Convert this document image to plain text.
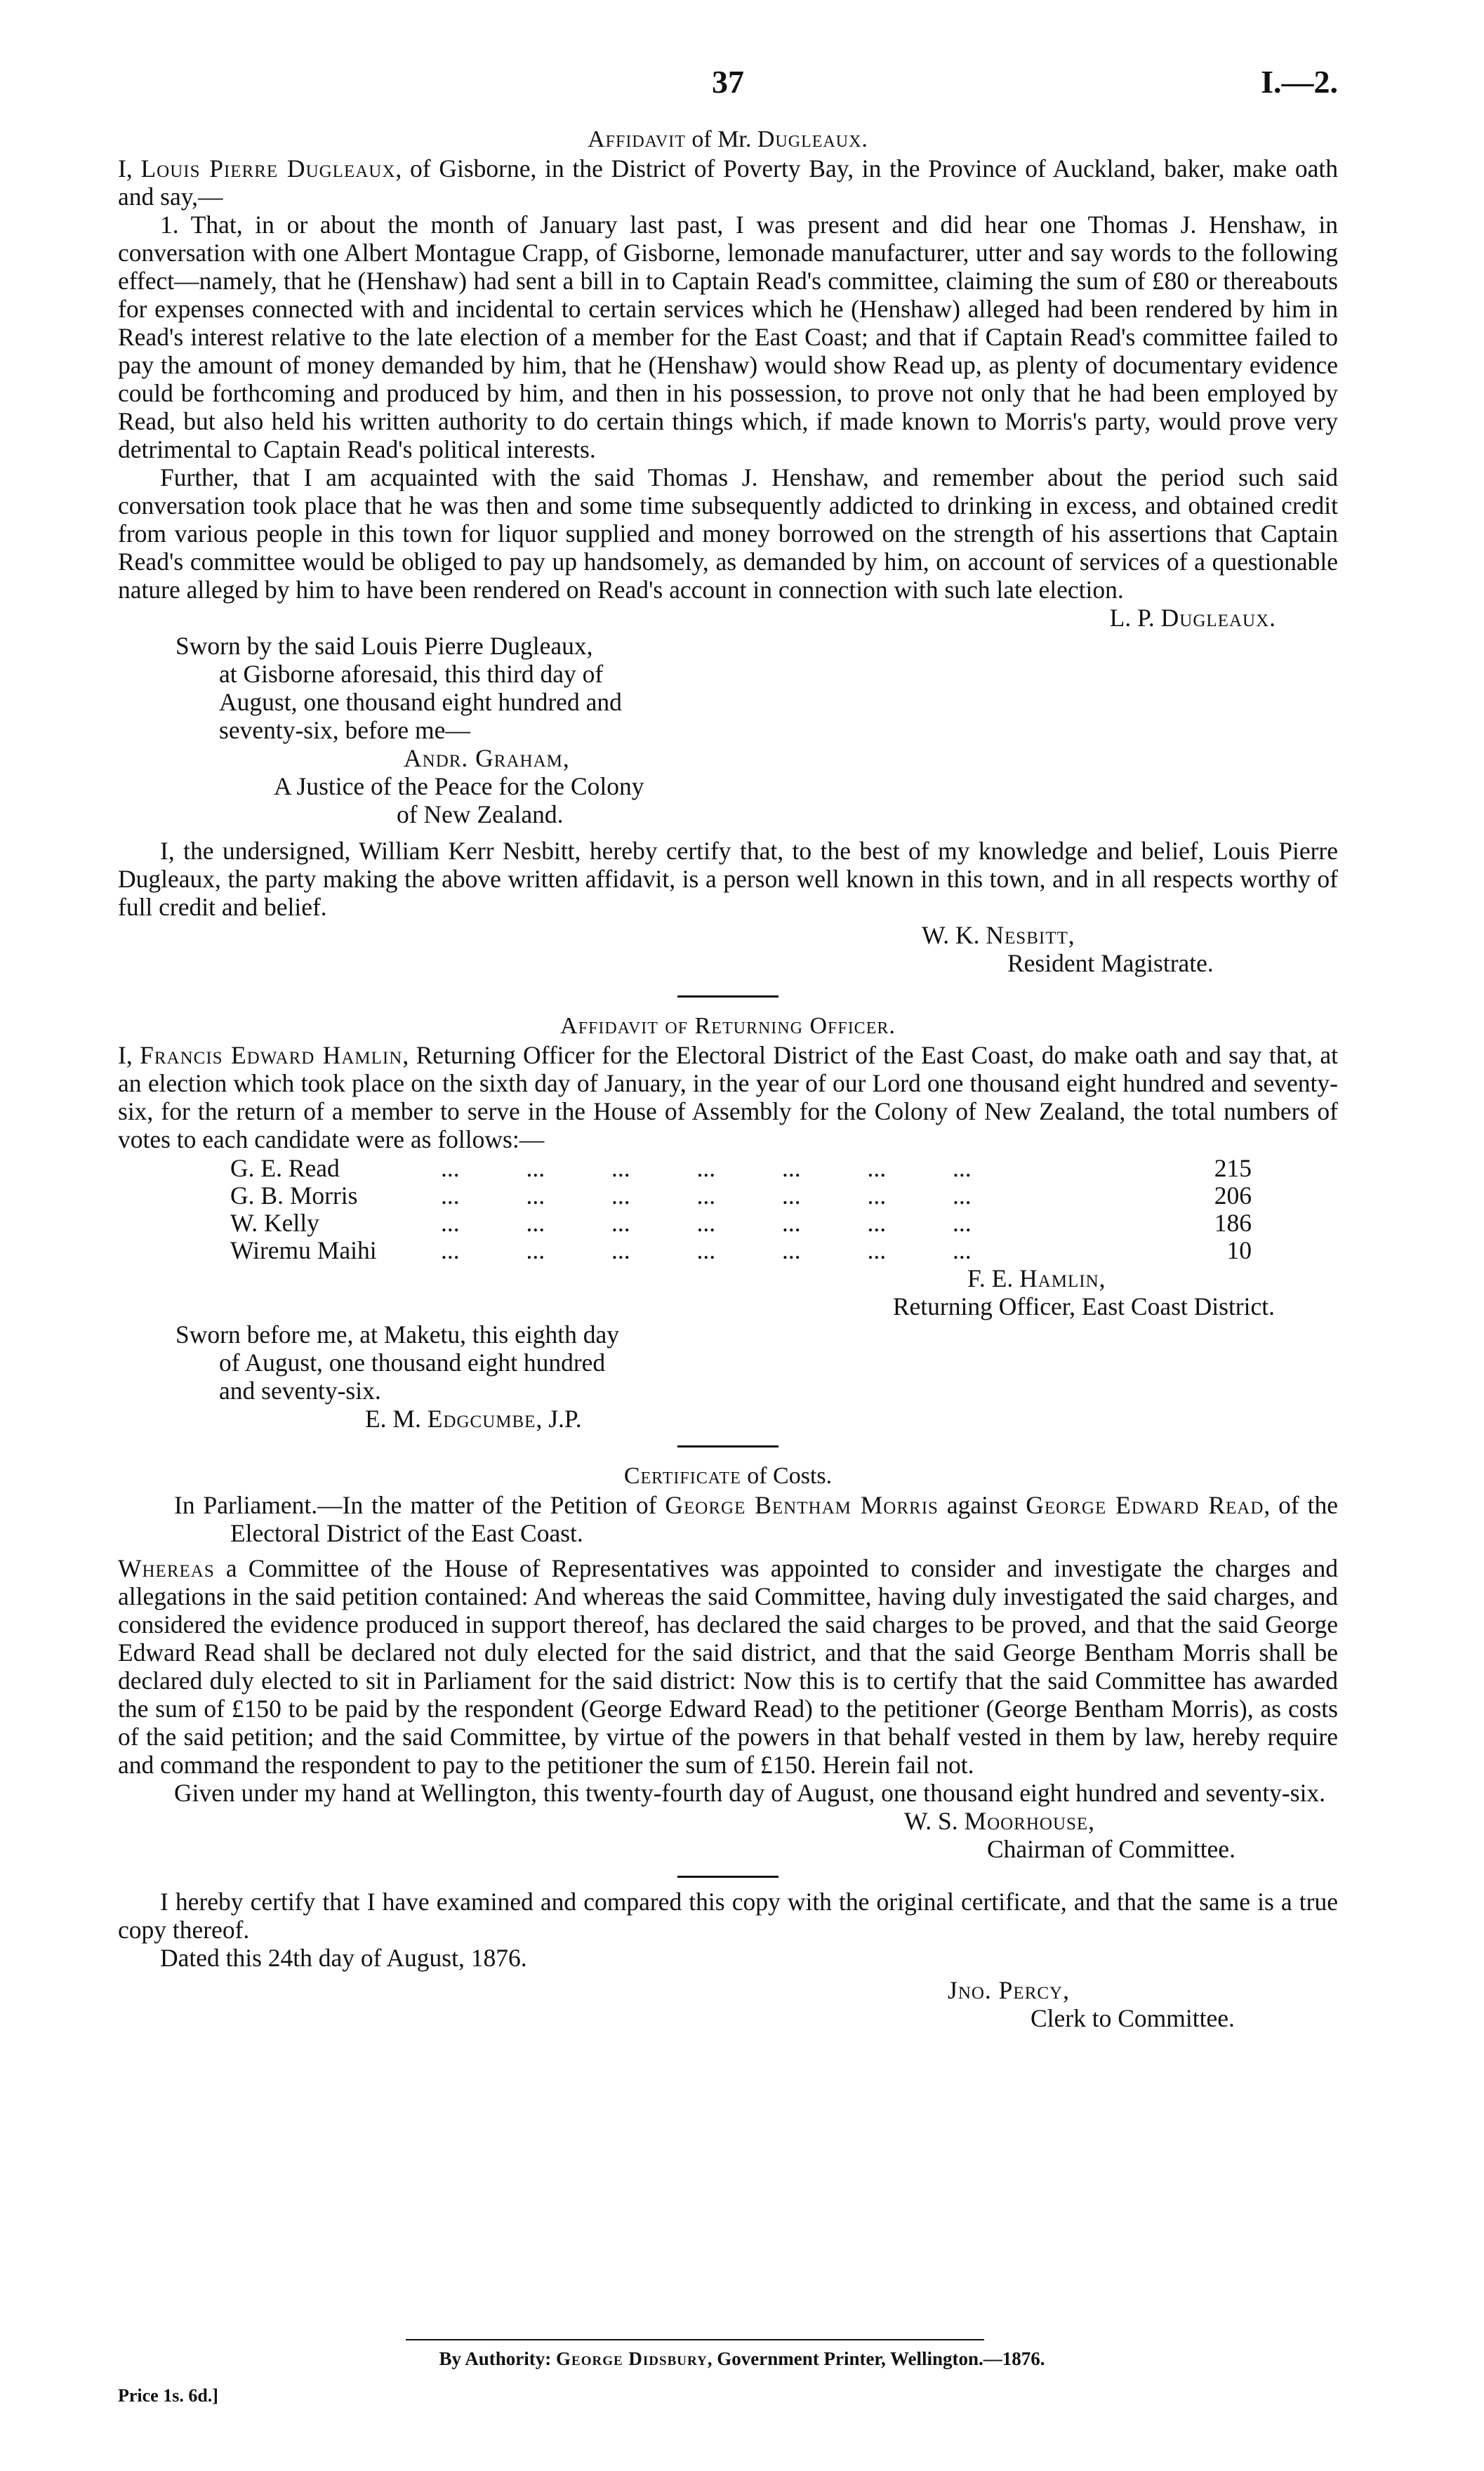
37	I.—2.
Affidavit of Mr. Dugleaux.

I, Louis Pierre Dugleaux, of Gisborne, in the District of Poverty Bay, in the Province of Auckland, baker, make oath and say,—

1. That, in or about the month of January last past, I was present and did hear one Thomas J. Henshaw, in conversation with one Albert Montague Crapp, of Gisborne, lemonade manufacturer, utter and say words to the following effect—namely, that he (Henshaw) had sent a bill in to Captain Read's committee, claiming the sum of £80 or thereabouts for expenses connected with and incidental to certain services which he (Henshaw) alleged had been rendered by him in Read's interest relative to the late election of a member for the East Coast; and that if Captain Read's committee failed to pay the amount of money demanded by him, that he (Henshaw) would show Read up, as plenty of documentary evidence could be forthcoming and produced by him, and then in his possession, to prove not only that he had been employed by Read, but also held his written authority to do certain things which, if made known to Morris's party, would prove very detrimental to Captain Read's political interests.

Further, that I am acquainted with the said Thomas J. Henshaw, and remember about the period such said conversation took place that he was then and some time subsequently addicted to drinking in excess, and obtained credit from various people in this town for liquor supplied and money borrowed on the strength of his assertions that Captain Read's committee would be obliged to pay up handsomely, as demanded by him, on account of services of a questionable nature alleged by him to have been rendered on Read's account in connection with such late election.

L. P. Dugleaux.

Sworn by the said Louis Pierre Dugleaux,
at Gisborne aforesaid, this third day of
August, one thousand eight hundred and
seventy-six, before me—
Andr. Graham,
A Justice of the Peace for the Colony
of New Zealand.

I, the undersigned, William Kerr Nesbitt, hereby certify that, to the best of my knowledge and belief, Louis Pierre Dugleaux, the party making the above written affidavit, is a person well known in this town, and in all respects worthy of full credit and belief.

W. K. Nesbitt,
Resident Magistrate.
Affidavit of Returning Officer.

I, Francis Edward Hamlin, Returning Officer for the Electoral District of the East Coast, do make oath and say that, at an election which took place on the sixth day of January, in the year of our Lord one thousand eight hundred and seventy-six, for the return of a member to serve in the House of Assembly for the Colony of New Zealand, the total numbers of votes to each candidate were as follows:—

G. E. Read	... ... ... ... ... ... ...	215
G. B. Morris	... ... ... ... ... ... ...	206
W. Kelly	... ... ... ... ... ... ...	186
Wiremu Maihi	... ... ... ... ... ... ...	10
F. E. Hamlin,
Returning Officer, East Coast District.
Sworn before me, at Maketu, this eighth day
of August, one thousand eight hundred
and seventy-six.
E. M. Edgcumbe, J.P.
Certificate of Costs.

In Parliament.—In the matter of the Petition of George Bentham Morris against George Edward Read, of the Electoral District of the East Coast.

Whereas a Committee of the House of Representatives was appointed to consider and investigate the charges and allegations in the said petition contained: And whereas the said Committee, having duly investigated the said charges, and considered the evidence produced in support thereof, has declared the said charges to be proved, and that the said George Edward Read shall be declared not duly elected for the said district, and that the said George Bentham Morris shall be declared duly elected to sit in Parliament for the said district: Now this is to certify that the said Committee has awarded the sum of £150 to be paid by the respondent (George Edward Read) to the petitioner (George Bentham Morris), as costs of the said petition; and the said Committee, by virtue of the powers in that behalf vested in them by law, hereby require and command the respondent to pay to the petitioner the sum of £150. Herein fail not.

Given under my hand at Wellington, this twenty-fourth day of August, one thousand eight hundred and seventy-six.

W. S. Moorhouse,
Chairman of Committee.

I hereby certify that I have examined and compared this copy with the original certificate, and that the same is a true copy thereof.

Dated this 24th day of August, 1876.

Jno. Percy,
Clerk to Committee.
By Authority: George Didsbury, Government Printer, Wellington.—1876.
Price 1s. 6d.]
